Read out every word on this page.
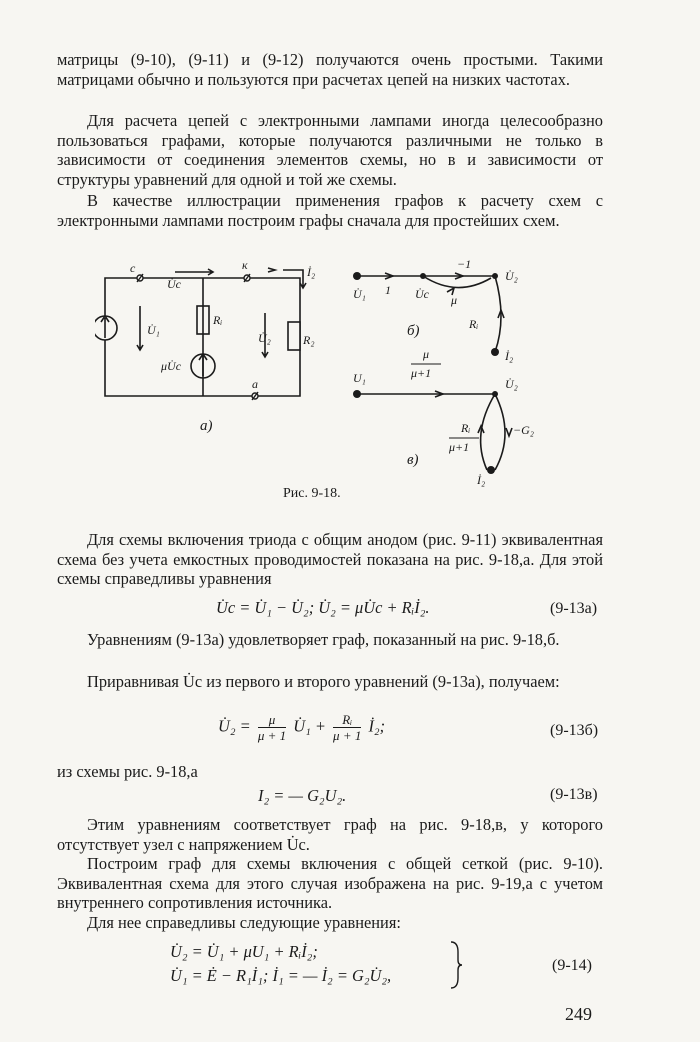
матрицы (9-10), (9-11) и (9-12) получаются очень простыми. Такими матрицами обычно и пользуются при расчетах цепей на низких частотах.

Для расчета цепей с электронными лампами иногда целесообразно пользоваться графами, которые получаются различными не только в зависимости от соединения элементов схемы, но в и зависимости от структуры уравнений для одной и той же схемы.

В качестве иллюстрации применения графов к расчету схем с электронными лампами построим графы сначала для простейших схем.

с	к
а
U̇с
U̇₁
Rᵢ
U̇₂	R₂
İ₂
μU̇с
а)
U̇₁ 1 U̇с
−1
U̇₂
μ
Rᵢ
İ₂
б)
U₁
μ
μ+1
U̇₂
Rᵢ
μ+1
−G₂
İ₂
в)
Рис. 9-18.

Для схемы включения триода с общим анодом (рис. 9-11) эквивалентная схема без учета емкостных проводимостей показана на рис. 9-18,а. Для этой схемы справедливы уравнения

U̇с = U̇₁ − U̇₂; U̇₂ = μU̇с + Rᵢİ₂.	(9-13а)

Уравнениям (9-13а) удовлетворяет граф, показанный на рис. 9-18,б.

Приравнивая U̇с из первого и второго уравнений (9-13а), получаем:

U̇₂ = $\frac{\mu}{\mu + 1}$ U̇₁ + $\frac{\text{Rᵢ}}{\mu + 1}$ İ₂;	(9-13б)

из схемы рис. 9-18,а

I₂ = — G₂U₂.	(9-13в)

Этим уравнениям соответствует граф на рис. 9-18,в, у которого отсутствует узел с напряжением U̇с.

Построим граф для схемы включения с общей сеткой (рис. 9-10). Эквивалентная схема для этого случая изображена на рис. 9-19,а с учетом внутреннего сопротивления источника.

Для нее справедливы следующие уравнения:

U̇₂ = U̇₁ + μU₁ + Rᵢİ₂;
U̇₁ = Ė − R₁İ₁; İ₁ = — İ₂ = G₂U̇₂,
(9-14)
249
